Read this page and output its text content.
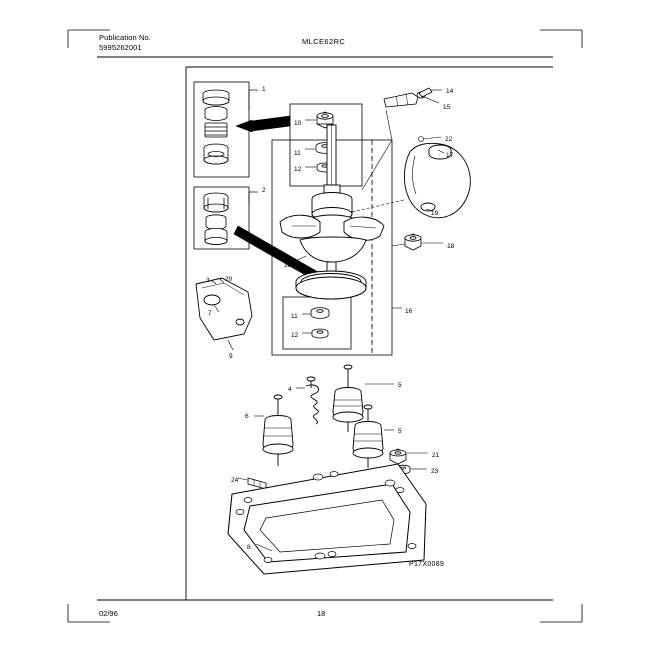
Publication No.
5995262001
MLCE62RC
P17X0089
02/96	18
1
2
10
11
12
11
12
13
14
15
16
17
18
19
20
21
22
23
24
3
4
5
5
6
7
8
9
